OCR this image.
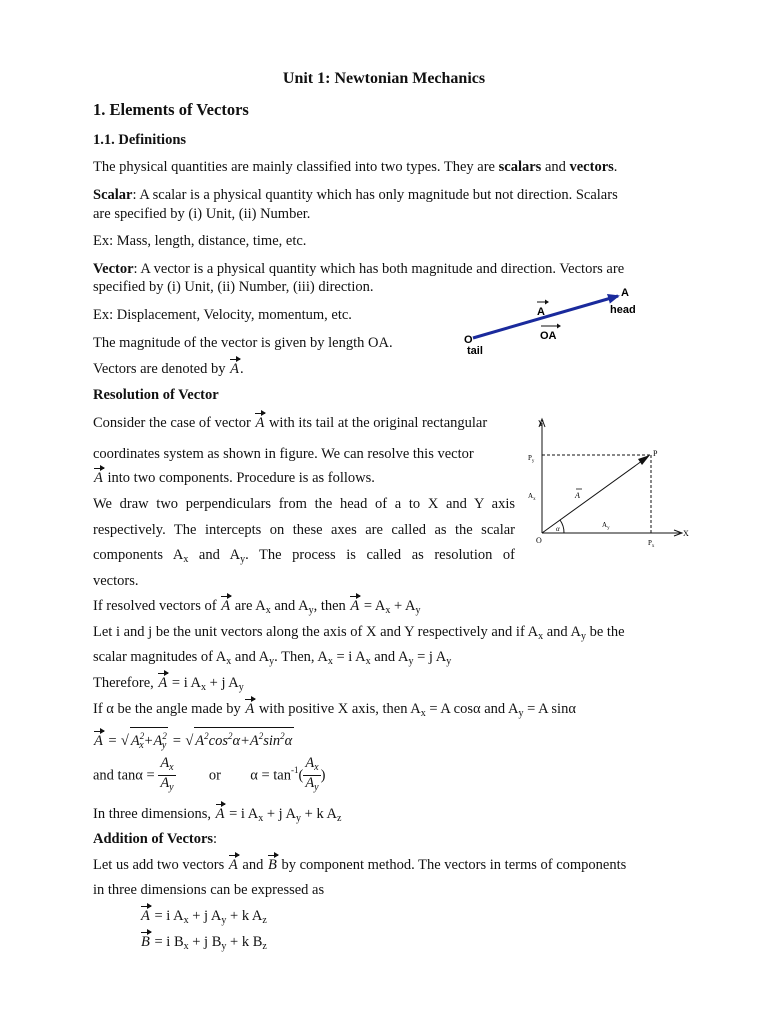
Unit 1: Newtonian Mechanics
1. Elements of Vectors
1.1. Definitions
The physical quantities are mainly classified into two types. They are scalars and vectors.
Scalar: A scalar is a physical quantity which has only magnitude but not direction. Scalars
are specified by (i) Unit, (ii) Number.
Ex: Mass, length, distance, time, etc.
Vector: A vector is a physical quantity which has both magnitude and direction. Vectors are
specified by (i) Unit, (ii) Number, (iii) direction.
Ex: Displacement, Velocity, momentum, etc.
The magnitude of the vector is given by length OA.
Vectors are denoted by A.
A
head
O
tail
A
OA
Resolution of Vector
Consider the case of vector A with its tail at the original rectangular
coordinates system as shown in figure. We can resolve this vector
A into two components. Procedure is as follows.
We draw two perpendiculars from the head of a to X and Y axis
respectively. The intercepts on these axes are called as the scalar
components $A_x$ and $A_y$. The process is called as resolution of
vectors.
Y
X
O
P
$P_y$
$P_x$
$A_x$
$A_y$
α
A
If resolved vectors of A are $A_x$ and $A_y$, then $A = A_x + A_y$
Let i and j be the unit vectors along the axis of X and Y respectively and if $A_x$ and $A_y$ be the
scalar magnitudes of $A_x$ and $A_y$. Then, $A_x = i$ $A_x$ and $A_y = j$ $A_y$
Therefore, A = i $A_x + j$ $A_y$
If α be the angle made by A with positive X axis, then $A_x = A$ cosα and $A_y = A$ sinα
A = √ $A^2_x+A^2_y$ = √ $A^2\cos^2\alpha+A^2\sin^2\alpha$
and $\tan\alpha = \frac{A_x}{A_y}$ or $\alpha = \tan^{-1}( \frac{A_x}{A_y}$ )
In three dimensions, A = i $A_x + j$ $A_y + k$ $A_z$
Addition of Vectors:
Let us add two vectors A and B by component method. The vectors in terms of components
in three dimensions can be expressed as
A = i $A_x + j$ $A_y + k$ $A_z$
B = i $B_x + j$ $B_y + k$ $B_z$
